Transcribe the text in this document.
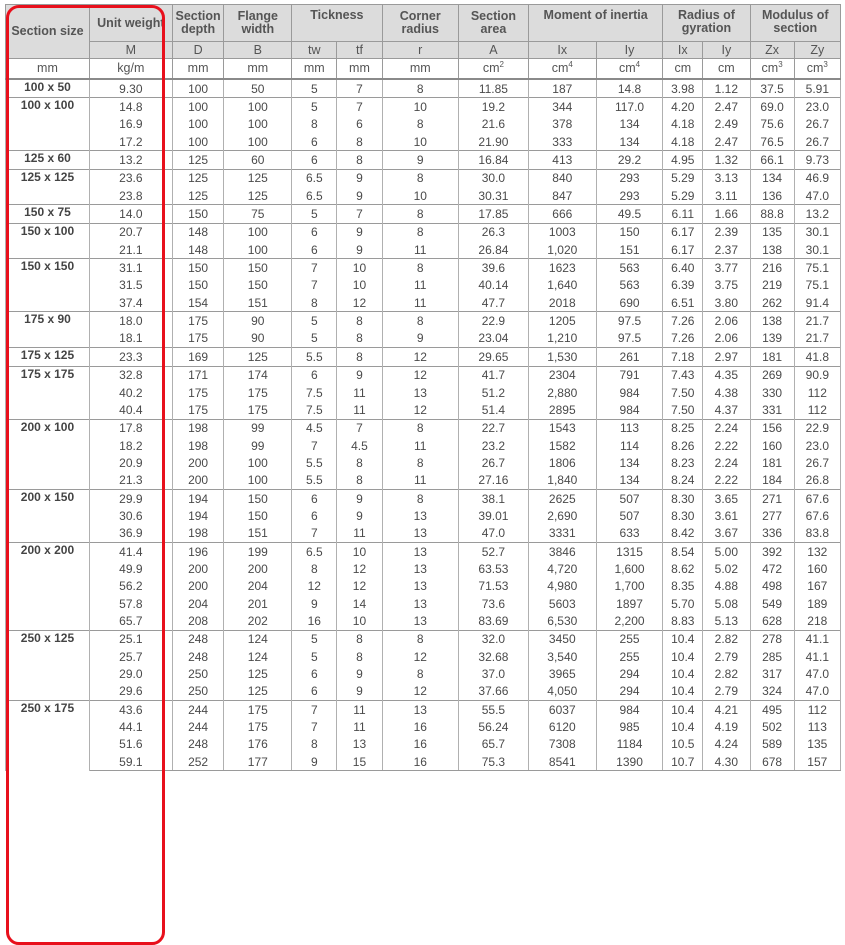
Section size	Unit weight	Section depth	Flange width	Tickness		Corner radius	Section area	Moment of inertia		Radius of gyration		Modulus of section	
	M	D	B	tw	tf	r	A	Ix	Iy	Ix	Iy	Zx	Zy
mm	kg/m	mm	mm	mm	mm	mm	$cm^2$	$cm^4$	$cm^4$	cm	cm	$cm^3$	$cm^3$
100 x 50	9.30	100	50	5	7	8	11.85	187	14.8	3.98	1.12	37.5	5.91
100 x 100	14.8	100	100	5	7	10	19.2	344	117.0	4.20	2.47	69.0	23.0
	16.9	100	100	8	6	8	21.6	378	134	4.18	2.49	75.6	26.7
	17.2	100	100	6	8	10	21.90	333	134	4.18	2.47	76.5	26.7
125 x 60	13.2	125	60	6	8	9	16.84	413	29.2	4.95	1.32	66.1	9.73
125 x 125	23.6	125	125	6.5	9	8	30.0	840	293	5.29	3.13	134	46.9
	23.8	125	125	6.5	9	10	30.31	847	293	5.29	3.11	136	47.0
150 x 75	14.0	150	75	5	7	8	17.85	666	49.5	6.11	1.66	88.8	13.2
150 x 100	20.7	148	100	6	9	8	26.3	1003	150	6.17	2.39	135	30.1
	21.1	148	100	6	9	11	26.84	1,020	151	6.17	2.37	138	30.1
150 x 150	31.1	150	150	7	10	8	39.6	1623	563	6.40	3.77	216	75.1
	31.5	150	150	7	10	11	40.14	1,640	563	6.39	3.75	219	75.1
	37.4	154	151	8	12	11	47.7	2018	690	6.51	3.80	262	91.4
175 x 90	18.0	175	90	5	8	8	22.9	1205	97.5	7.26	2.06	138	21.7
	18.1	175	90	5	8	9	23.04	1,210	97.5	7.26	2.06	139	21.7
175 x 125	23.3	169	125	5.5	8	12	29.65	1,530	261	7.18	2.97	181	41.8
175 x 175	32.8	171	174	6	9	12	41.7	2304	791	7.43	4.35	269	90.9
	40.2	175	175	7.5	11	13	51.2	2,880	984	7.50	4.38	330	112
	40.4	175	175	7.5	11	12	51.4	2895	984	7.50	4.37	331	112
200 x 100	17.8	198	99	4.5	7	8	22.7	1543	113	8.25	2.24	156	22.9
	18.2	198	99	7	4.5	11	23.2	1582	114	8.26	2.22	160	23.0
	20.9	200	100	5.5	8	8	26.7	1806	134	8.23	2.24	181	26.7
	21.3	200	100	5.5	8	11	27.16	1,840	134	8.24	2.22	184	26.8
200 x 150	29.9	194	150	6	9	8	38.1	2625	507	8.30	3.65	271	67.6
	30.6	194	150	6	9	13	39.01	2,690	507	8.30	3.61	277	67.6
	36.9	198	151	7	11	13	47.0	3331	633	8.42	3.67	336	83.8
200 x 200	41.4	196	199	6.5	10	13	52.7	3846	1315	8.54	5.00	392	132
	49.9	200	200	8	12	13	63.53	4,720	1,600	8.62	5.02	472	160
	56.2	200	204	12	12	13	71.53	4,980	1,700	8.35	4.88	498	167
	57.8	204	201	9	14	13	73.6	5603	1897	5.70	5.08	549	189
	65.7	208	202	16	10	13	83.69	6,530	2,200	8.83	5.13	628	218
250 x 125	25.1	248	124	5	8	8	32.0	3450	255	10.4	2.82	278	41.1
	25.7	248	124	5	8	12	32.68	3,540	255	10.4	2.79	285	41.1
	29.0	250	125	6	9	8	37.0	3965	294	10.4	2.82	317	47.0
	29.6	250	125	6	9	12	37.66	4,050	294	10.4	2.79	324	47.0
250 x 175	43.6	244	175	7	11	13	55.5	6037	984	10.4	4.21	495	112
	44.1	244	175	7	11	16	56.24	6120	985	10.4	4.19	502	113
	51.6	248	176	8	13	16	65.7	7308	1184	10.5	4.24	589	135
	59.1	252	177	9	15	16	75.3	8541	1390	10.7	4.30	678	157
